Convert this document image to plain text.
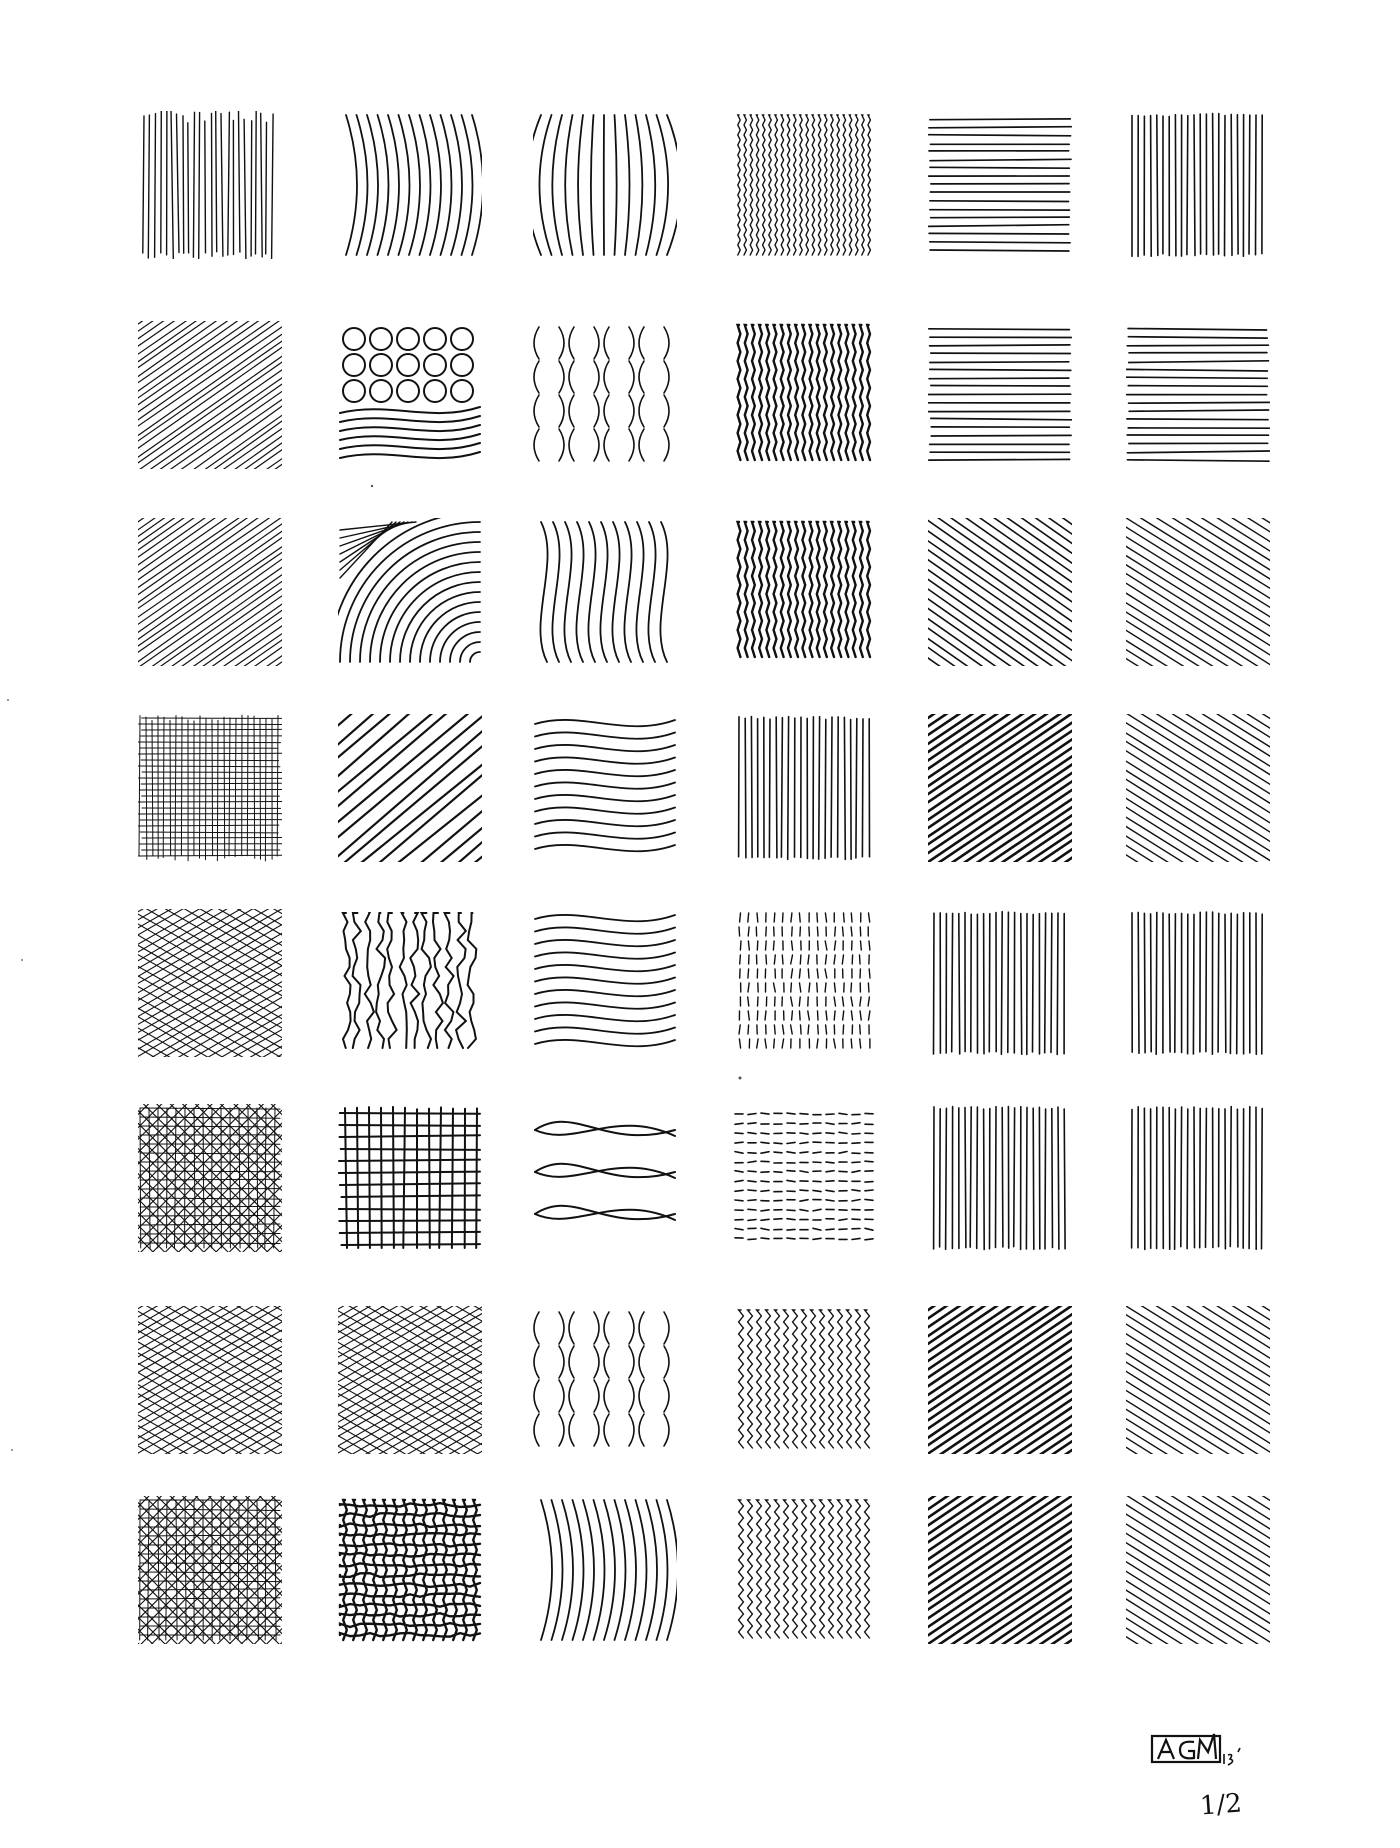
1/2
